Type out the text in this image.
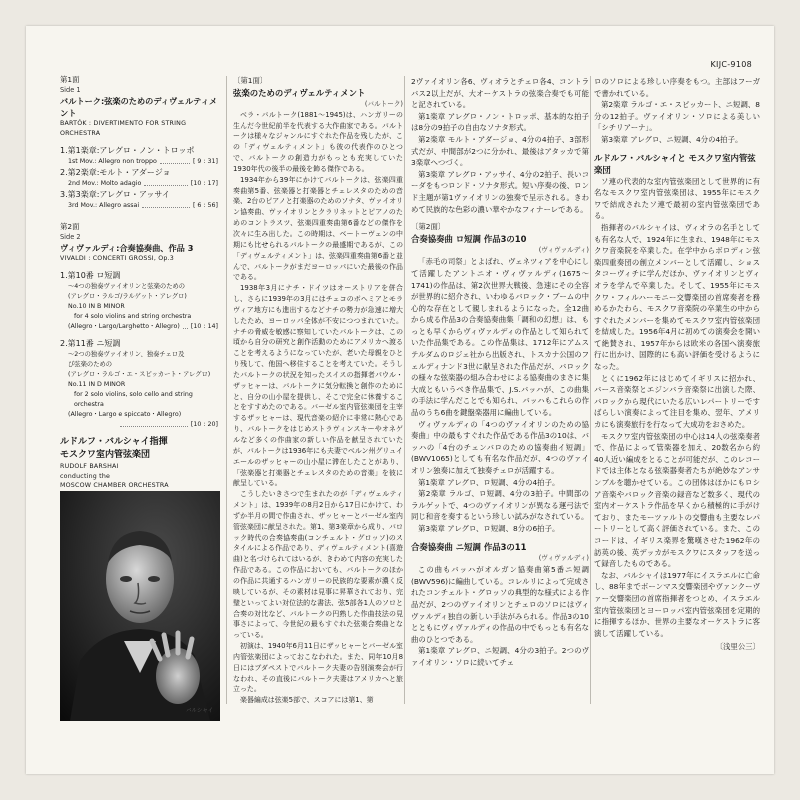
KIJC-9108
第1面
Side 1
バルトーク:弦楽のためのディヴェルティメント
BARTÓK : DIVERTIMENTO FOR STRING ORCHESTRA
1.第1楽章:アレグロ・ノン・トロッポ
1st Mov.: Allegro non troppo	[ 9 : 31]
2.第2楽章:モルト・アダージョ
2nd Mov.: Molto adagio	[10 : 17]
3.第3楽章:アレグロ・アッサイ
3rd Mov.: Allegro assai	[ 6 : 56]
第2面
Side 2
ヴィヴァルディ:合奏協奏曲、作品 3
VIVALDI : CONCERTI GROSSI, Op.3
1.第10番 ロ短調
～4つの独奏ヴァイオリンと弦楽のための
(アレグロ・ラルゴ/ラルゲット・アレグロ)
No.10 IN B MINOR
for 4 solo violins and string orchestra
(Allegro・Largo/Larghetto・Allegro) [10 : 14]
2.第11番 ニ短調
～2つの独奏ヴァイオリン、独奏チェロ及
び弦楽のための
(アレグロ・ラルゴ・エ・スピッカート・アレグロ)
No.11 IN D MINOR
for 2 solo violins, solo cello and string orchestra
(Allegro・Largo e spiccato・Allegro)
[10 : 20]
ルドルフ・バルシャイ指揮
モスクワ室内管弦楽団
RUDOLF BARSHAI
conducting the
MOSCOW CHAMBER ORCHESTRA
バルシャイ
〔第1面〕
弦楽のためのディヴェルティメント
(バルトーク)

ベラ・バルトーク(1881～1945)は、ハンガリーの生んだ今世紀前半を代表する大作曲家である。バルトークは様々なジャンルにすぐれた作品を残したが、この「ディヴェルティメント」も彼の代表作のひとつで、バルトークの創造力がもっとも充実していた1930年代の後半の最後を飾る傑作である。

1934年から39年にかけてバルトークは、弦楽四重奏曲第5番、弦楽器と打楽器とチェレスタのための音楽、2台のピアノと打楽器のためのソナタ、ヴァイオリン協奏曲、ヴァイオリンとクラリネットとピアノのためのコントラスツ、弦楽四重奏曲第6番などの傑作を次々に生み出した。この時期は、ベートーヴェンの中期にも比せられるバルトークの最盛期であるが、この「ディヴェルティメント」は、弦楽四重奏曲第6番と並んで、バルトークがまだヨーロッパにいた最後の作品である。

1938年3月にナチ・ドイツはオーストリアを併合し、さらに1939年の3月にはチェコのボヘミアとモラヴィア地方にも進出するなどナチの勢力が急速に増大したため、ヨーロッパ全体が不安につつまれていた。ナチの脅威を敏感に察知していたバルトークは、この頃から自分の研究と創作活動のためにアメリカへ渡ることを考えるようになっていたが、老いた母親をひとり残して、他国へ移住することを考えていた。そうしたバルトークの状況を知ったスイスの指揮者パウル・ザッヒャーは、バルトークに気分転換と創作のためにと、自分の山小屋を提供し、そこで完全に休養することをすすめたのである。バーゼル室内管弦楽団を主宰するザッヒャーは、現代音楽の紹介に非常に熱心であり、バルトークをはじめストラヴィンスキーやオネゲルなど多くの作曲家の新しい作品を献呈されていたが、バルトークは1936年にも夫妻でベルン州グリュイエールのザッヒャーの山小屋に滞在したことがあり、「弦楽器と打楽器とチェレスタのための音楽」を彼に献呈している。

こうしたいきさつで生まれたのが「ディヴェルティメント」は、1939年の8月2日から17日にかけて、わずか半月の間で作曲され、ザッヒャーとバーゼル室内管弦楽団に献呈された。第1、第3楽章から成り、バロック時代の合奏協奏曲(コンチェルト・グロッソ)のスタイルによる作品であり、ディヴェルティメント(喜遊曲)と名づけられてはいるが、きわめて内容の充実した作品である。この作品においても、バルトークのほかの作品に共通するハンガリーの民族的な要素が濃く反映しているが、その素材は見事に昇華されており、完璧といってよい対位法的な書法、弦5部各1人のソロと合奏の対比など、バルトークの円熟した作曲技法の見事さによって、今世紀の最もすぐれた弦楽合奏曲となっている。

初演は、1940年6月11日にザッヒャーとバーゼル室内管弦楽団によっておこなわれた。また、同年10月8日にはブダペストでバルトーク夫妻の告別演奏会が行なわれ、その直後にバルトーク夫妻はアメリカへと旅立った。

楽器編成は弦楽5部で、スコアには第1、第

2ヴァイオリン各6、ヴィオラとチェロ各4、コントラバス2以上だが、大オーケストラの弦楽合奏でも可能と記されている。

第1楽章 アレグロ・ノン・トロッポ、基本的な拍子は8分の9拍子の自由なソナタ形式。

第2楽章 モルト・アダージョ、4分の4拍子、3部形式だが、中間部が2つに分かれ、最後はアタッカで第3楽章へつづく。

第3楽章 アレグロ・アッサイ、4分の2拍子、長いコーダをもつロンド・ソナタ形式。短い序奏の後、ロンド主題が第1ヴァイオリンの独奏で呈示される。きわめて民族的な色彩の濃い華やかなフィナーレである。

〔第2面〕
合奏協奏曲 ロ短調 作品3の10
(ヴィヴァルディ)

「赤毛の司祭」とよばれ、ヴェネツィアを中心にして活躍したアントニオ・ヴィヴァルディ(1675～1741)の作品は、第2次世界大戦後、急速にその全容が世界的に紹介され、いわゆるバロック・ブームの中心的な存在として親しまれるようになった。全12曲から成る作品3の合奏協奏曲集「調和の幻想」は、もっとも早くからヴィヴァルディの作品として知られていた作品集である。この作品集は、1712年にアムステルダムのロジェ社から出版され、トスカナ公国のフェルディナンド3世に献呈された作品だが、バロックの様々な弦楽器の組み合わせによる協奏曲のまさに集大成ともいうべき作品集で、J.S.バッハが、この曲集の手法に学んだことでも知られ、バッハもこれらの作品のうち6曲を鍵盤楽器用に編曲している。

ヴィヴァルディの「4つのヴァイオリンのための協奏曲」中の最もすぐれた作品である作品3の10は、バッハの「4台のチェンバロのための協奏曲イ短調」(BWV1065)としても有名な作品だが、4つのヴァイオリン独奏に加えて独奏チェロが活躍する。

第1楽章 アレグロ、ロ短調、4分の4拍子。

第2楽章 ラルゴ、ロ短調、4分の3拍子。中間部のラルゲットで、4つのヴァイオリンが異なる運弓法で同じ和音を奏するという珍しい試みがなされている。

第3楽章 アレグロ、ロ短調、8分の6拍子。

合奏協奏曲 ニ短調 作品3の11
(ヴィヴァルディ)

この曲もバッハがオルガン協奏曲第5番ニ短調(BWV596)に編曲している。コレルリによって完成されたコンチェルト・グロッソの典型的な様式による作品だが、2つのヴァイオリンとチェロのソロにはヴィヴァルディ独自の新しい手法がみられる。作品3の10とともにヴィヴァルディの作品の中でもっとも有名な曲のひとつである。

第1楽章 アレグロ、ニ短調、4分の3拍子。2つのヴァイオリン・ソロに続いてチェ

ロのソロによる珍しい序奏をもつ。主部はフーガで書かれている。

第2楽章 ラルゴ・エ・スピッカート、ニ短調、8分の12拍子。ヴァイオリン・ソロによる美しい「シチリアーナ」。

第3楽章 アレグロ、ニ短調、4分の4拍子。

ルドルフ・バルシャイと モスクワ室内管弦楽団

ソ連の代表的な室内管弦楽団として世界的に有名なモスクワ室内管弦楽団は、1955年にモスクワで結成されたソ連で最初の室内管弦楽団である。

指揮者のバルシャイは、ヴィオラの名手としても有名な人で、1924年に生まれ、1948年にモスクワ音楽院を卒業した。在学中からボロディン弦楽四重奏団の創立メンバーとして活躍し、ショスタコーヴィチに学んだほか、ヴァイオリンとヴィオラを学んで卒業した。そして、1955年にモスクワ・フィルハーモニー交響楽団の首席奏者を務めるかたわら、モスクワ音楽院の卒業生の中からすぐれたメンバーを集めてモスクワ室内管弦楽団を結成した。1956年4月に初めての演奏会を開いて絶賛され、1957年からは欧米の各国へ演奏旅行に出かけ、国際的にも高い評価を受けるようになった。

とくに1962年にはじめてイギリスに招かれ、バース音楽祭とエジンバラ音楽祭に出演した際、バロックから現代にいたる広いレパートリーですばらしい演奏によって注目を集め、翌年、アメリカにも演奏旅行を行なって大成功をおさめた。

モスクワ室内管弦楽団の中心は14人の弦楽奏者で、作品によって管楽器を加え、20数名から約40人近い編成をとることが可能だが、このレコードでは主体となる弦楽器奏者たちが絶妙なアンサンブルを聴かせている。この団体はほかにもロシア音楽やバロック音楽の録音など数多く、現代の室内オーケストラ作品を早くから積極的に手がけており、またモーツァルトの交響曲も主要なレパートリーとして高く評価されている。また、このコードは、イギリス楽界を驚嘆させた1962年の訪英の後、英デッカがモスクワにスタッフを送って録音したものである。

なお、バルシャイは1977年にイスラエルに亡命し、88年までボーンマス交響楽団やヴァンクーヴァー交響楽団の首席指揮者をつとめ、イスラエル室内管弦楽団とヨーロッパ室内管弦楽団を定期的に指揮するほか、世界の主要なオーケストラに客演して活躍している。

〔浅里公三〕
